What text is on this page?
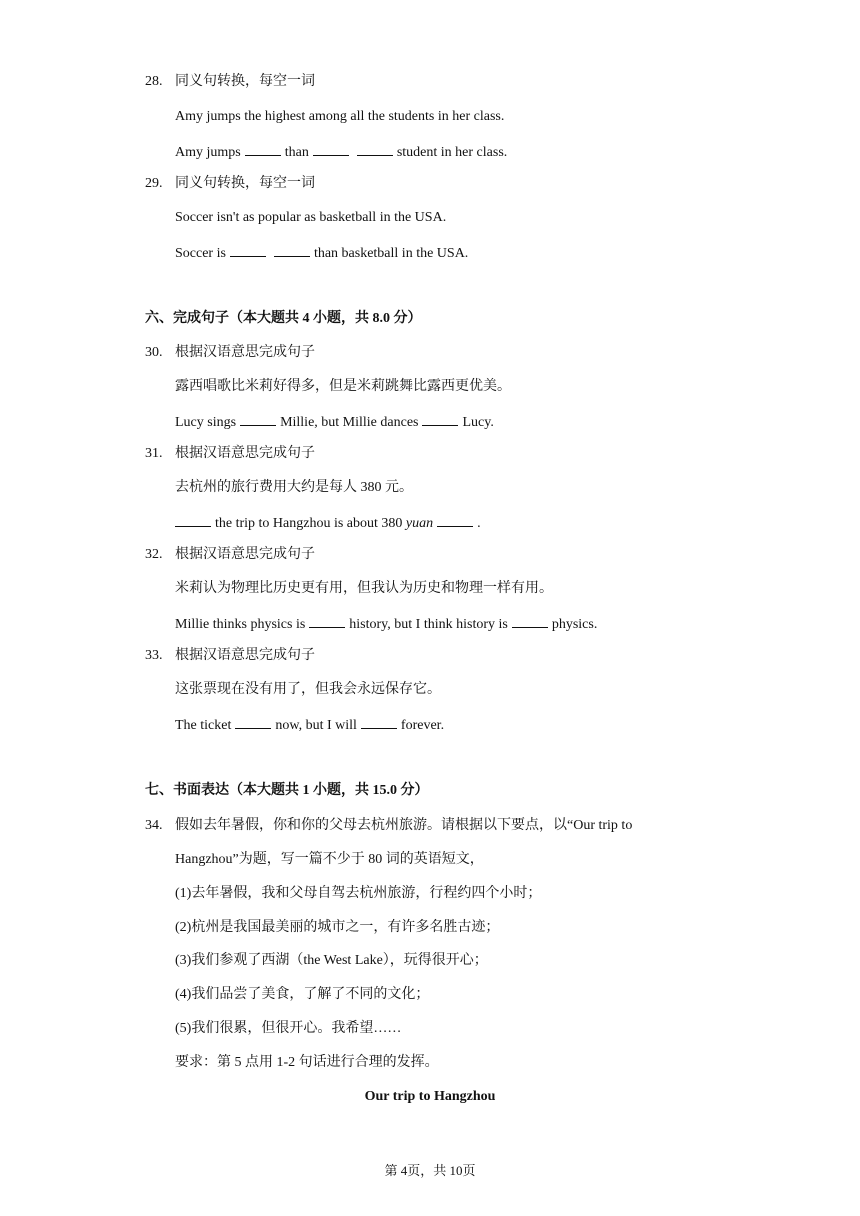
28. 同义句转换，每空一词
Amy jumps the highest among all the students in her class.
Amy jumps	than	student in her class.
29. 同义句转换，每空一词
Soccer isn't as popular as basketball in the USA.
Soccer is	than basketball in the USA.
六、完成句子（本大题共 4 小题，共 8.0 分）
30. 根据汉语意思完成句子
露西唱歌比米莉好得多，但是米莉跳舞比露西更优美。
Lucy sings	Millie, but Millie dances	Lucy.
31. 根据汉语意思完成句子
去杭州的旅行费用大约是每人 380 元。
the trip to Hangzhou is about 380 yuan	.
32. 根据汉语意思完成句子
米莉认为物理比历史更有用，但我认为历史和物理一样有用。
Millie thinks physics is	history, but I think history is	physics.
33. 根据汉语意思完成句子
这张票现在没有用了，但我会永远保存它。
The ticket	now, but I will	forever.
七、书面表达（本大题共 1 小题，共 15.0 分）
34. 假如去年暑假，你和你的父母去杭州旅游。请根据以下要点，以“Our trip to
Hangzhou”为题，写一篇不少于 80 词的英语短文，
(1)去年暑假，我和父母自驾去杭州旅游，行程约四个小时；
(2)杭州是我国最美丽的城市之一，有许多名胜古迹；
(3)我们参观了西湖（the West Lake），玩得很开心；
(4)我们品尝了美食，了解了不同的文化；
(5)我们很累，但很开心。我希望……
要求：第 5 点用 1-2 句话进行合理的发挥。
Our trip to Hangzhou
第 4页，共 10页
